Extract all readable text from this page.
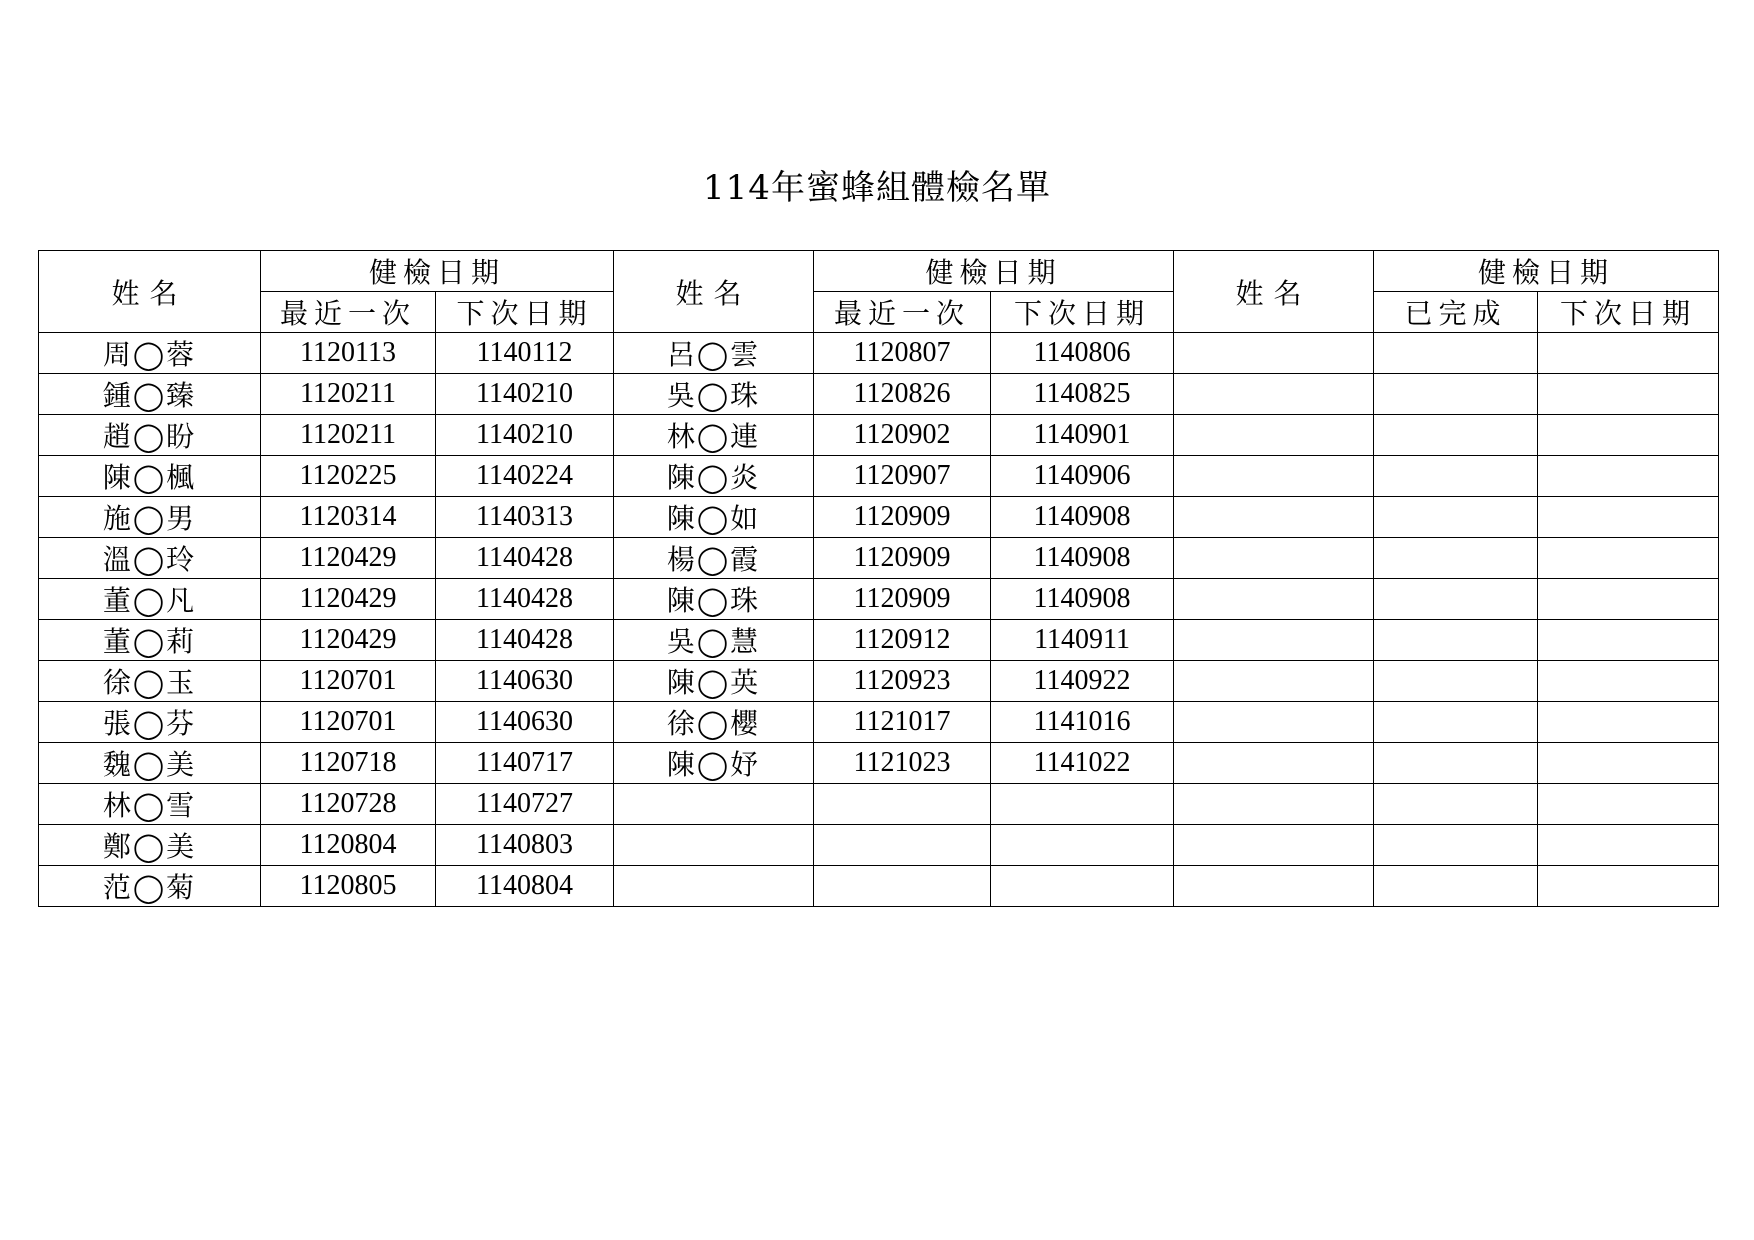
114年蜜蜂組體檢名單
姓名	健檢日期		姓名	健檢日期		姓名	健檢日期	
	最近一次	下次日期		最近一次	下次日期		已完成	下次日期
周◯蓉	1120113	1140112	呂◯雲	1120807	1140806			
鍾◯臻	1120211	1140210	吳◯珠	1120826	1140825			
趙◯盼	1120211	1140210	林◯連	1120902	1140901			
陳◯楓	1120225	1140224	陳◯炎	1120907	1140906			
施◯男	1120314	1140313	陳◯如	1120909	1140908			
溫◯玲	1120429	1140428	楊◯霞	1120909	1140908			
董◯凡	1120429	1140428	陳◯珠	1120909	1140908			
董◯莉	1120429	1140428	吳◯慧	1120912	1140911			
徐◯玉	1120701	1140630	陳◯英	1120923	1140922			
張◯芬	1120701	1140630	徐◯櫻	1121017	1141016			
魏◯美	1120718	1140717	陳◯妤	1121023	1141022			
林◯雪	1120728	1140727						
鄭◯美	1120804	1140803						
范◯菊	1120805	1140804						
